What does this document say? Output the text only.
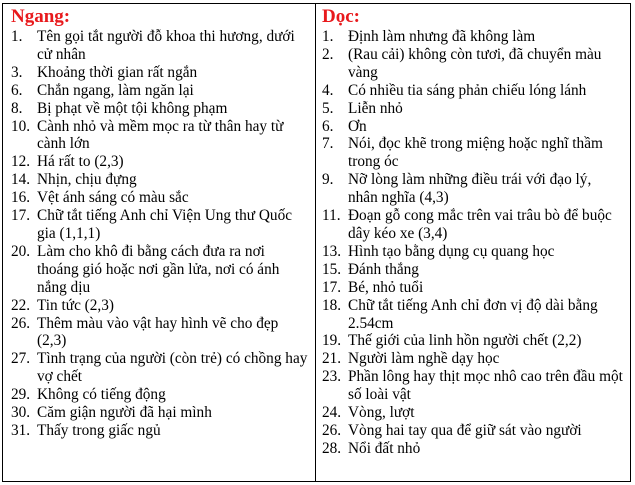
Ngang:
1. Tên gọi tắt người đỗ khoa thi hương, dưới cử nhân
3. Khoảng thời gian rất ngắn
6. Chắn ngang, làm ngăn lại
8. Bị phạt về một tội không phạm
10. Cành nhỏ và mềm mọc ra từ thân hay từ cành lớn
12. Há rất to (2,3)
14. Nhịn, chịu đựng
16. Vệt ánh sáng có màu sắc
17. Chữ tắt tiếng Anh chỉ Viện Ung thư Quốc gia (1,1,1)
20. Làm cho khô đi bằng cách đưa ra nơi thoáng gió hoặc nơi gần lửa, nơi có ánh nắng dịu
22. Tin tức (2,3)
26. Thêm màu vào vật hay hình vẽ cho đẹp (2,3)
27. Tình trạng của người (còn trẻ) có chồng hay vợ chết
29. Không có tiếng động
30. Căm giận người đã hại mình
31. Thấy trong giấc ngủ
Dọc:
1. Định làm nhưng đã không làm
2. (Rau cải) không còn tươi, đã chuyển màu vàng
4. Có nhiều tia sáng phản chiếu lóng lánh
5. Liễn nhỏ
6. Ơn
7. Nói, đọc khẽ trong miệng hoặc nghĩ thầm trong óc
9. Nỡ lòng làm những điều trái với đạo lý, nhân nghĩa (4,3)
11. Đoạn gỗ cong mắc trên vai trâu bò để buộc dây kéo xe (3,4)
13. Hình tạo bằng dụng cụ quang học
15. Đánh thắng
17. Bé, nhỏ tuổi
18. Chữ tắt tiếng Anh chỉ đơn vị độ dài bằng 2.54cm
19. Thế giới của linh hồn người chết (2,2)
21. Người làm nghề dạy học
23. Phần lông hay thịt mọc nhô cao trên đầu một số loài vật
24. Vòng, lượt
26. Vòng hai tay qua để giữ sát vào người
28. Nổi đất nhỏ
